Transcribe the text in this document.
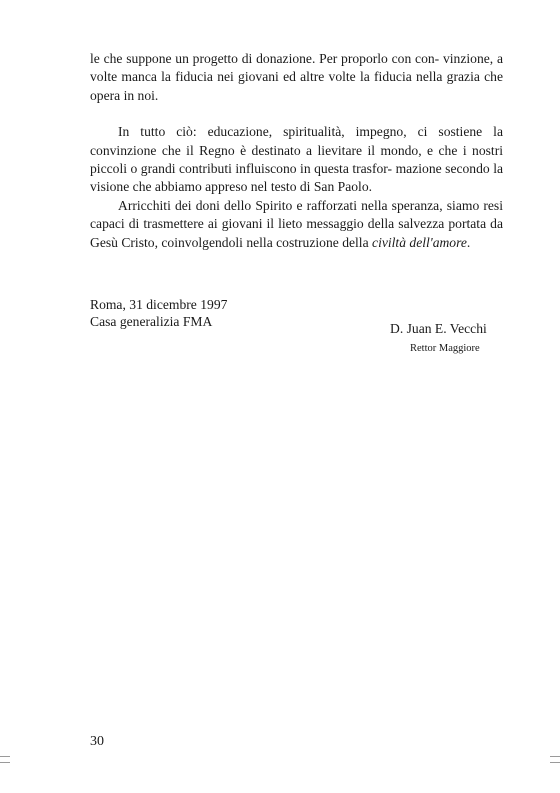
le che suppone un progetto di donazione. Per proporlo con con- vinzione, a volte manca la fiducia nei giovani ed altre volte la fiducia nella grazia che opera in noi.

In tutto ciò: educazione, spiritualità, impegno, ci sostiene la convinzione che il Regno è destinato a lievitare il mondo, e che i nostri piccoli o grandi contributi influiscono in questa trasfor- mazione secondo la visione che abbiamo appreso nel testo di San Paolo.

Arricchiti dei doni dello Spirito e rafforzati nella speranza, siamo resi capaci di trasmettere ai giovani il lieto messaggio della salvezza portata da Gesù Cristo, coinvolgendoli nella costruzione della civiltà dell'amore.

Roma, 31 dicembre 1997
Casa generalizia FMA	D. Juan E. Vecchi
Rettor Maggiore
30
